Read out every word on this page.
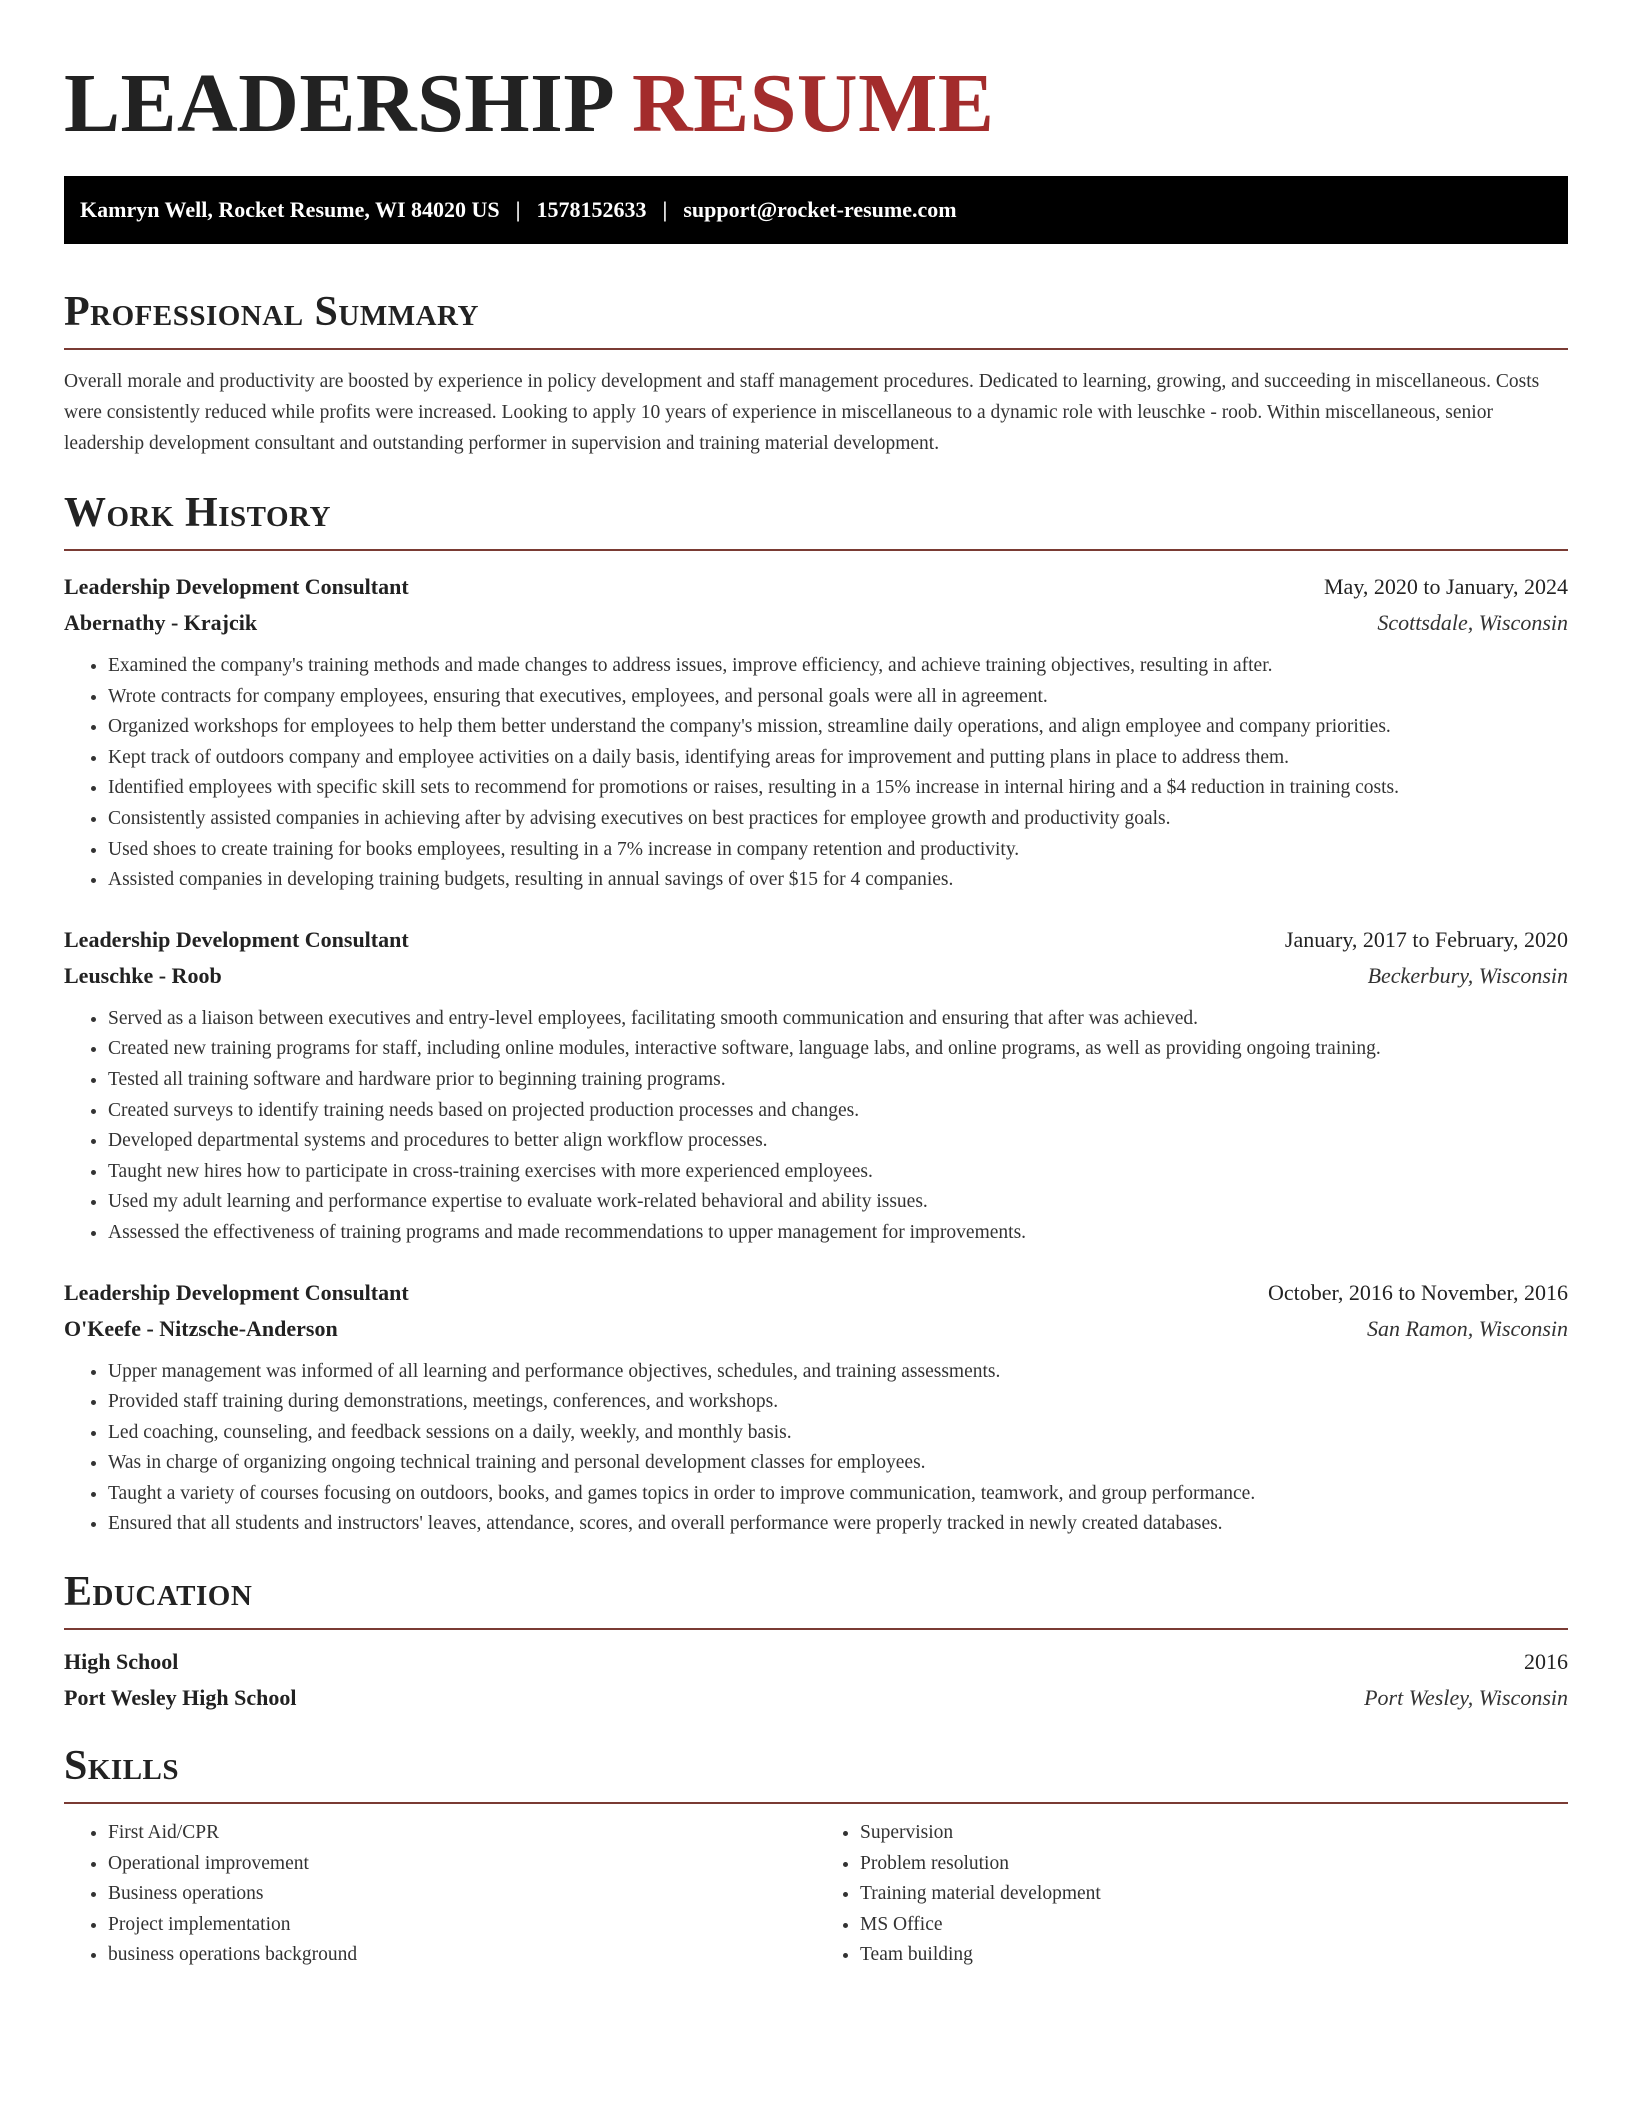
LEADERSHIP RESUME
Kamryn Well, Rocket Resume, WI 84020 US | 1578152633 | support@rocket-resume.com
Professional Summary

Overall morale and productivity are boosted by experience in policy development and staff management procedures. Dedicated to learning, growing, and succeeding in miscellaneous. Costs were consistently reduced while profits were increased. Looking to apply 10 years of experience in miscellaneous to a dynamic role with leuschke - roob. Within miscellaneous, senior leadership development consultant and outstanding performer in supervision and training material development.

Work History
Leadership Development Consultant	May, 2020 to January, 2024
Abernathy - Krajcik	Scottsdale, Wisconsin
• Examined the company's training methods and made changes to address issues, improve efficiency, and achieve training objectives, resulting in after.
• Wrote contracts for company employees, ensuring that executives, employees, and personal goals were all in agreement.
• Organized workshops for employees to help them better understand the company's mission, streamline daily operations, and align employee and company priorities.
• Kept track of outdoors company and employee activities on a daily basis, identifying areas for improvement and putting plans in place to address them.
• Identified employees with specific skill sets to recommend for promotions or raises, resulting in a 15% increase in internal hiring and a $4 reduction in training costs.
• Consistently assisted companies in achieving after by advising executives on best practices for employee growth and productivity goals.
• Used shoes to create training for books employees, resulting in a 7% increase in company retention and productivity.
• Assisted companies in developing training budgets, resulting in annual savings of over $15 for 4 companies.
Leadership Development Consultant	January, 2017 to February, 2020
Leuschke - Roob	Beckerbury, Wisconsin
• Served as a liaison between executives and entry-level employees, facilitating smooth communication and ensuring that after was achieved.
• Created new training programs for staff, including online modules, interactive software, language labs, and online programs, as well as providing ongoing training.
• Tested all training software and hardware prior to beginning training programs.
• Created surveys to identify training needs based on projected production processes and changes.
• Developed departmental systems and procedures to better align workflow processes.
• Taught new hires how to participate in cross-training exercises with more experienced employees.
• Used my adult learning and performance expertise to evaluate work-related behavioral and ability issues.
• Assessed the effectiveness of training programs and made recommendations to upper management for improvements.
Leadership Development Consultant	October, 2016 to November, 2016
O'Keefe - Nitzsche-Anderson	San Ramon, Wisconsin
• Upper management was informed of all learning and performance objectives, schedules, and training assessments.
• Provided staff training during demonstrations, meetings, conferences, and workshops.
• Led coaching, counseling, and feedback sessions on a daily, weekly, and monthly basis.
• Was in charge of organizing ongoing technical training and personal development classes for employees.
• Taught a variety of courses focusing on outdoors, books, and games topics in order to improve communication, teamwork, and group performance.
• Ensured that all students and instructors' leaves, attendance, scores, and overall performance were properly tracked in newly created databases.
Education
High School	2016
Port Wesley High School	Port Wesley, Wisconsin
Skills
• First Aid/CPR
• Operational improvement
• Business operations
• Project implementation
• business operations background
• Supervision
• Problem resolution
• Training material development
• MS Office
• Team building
